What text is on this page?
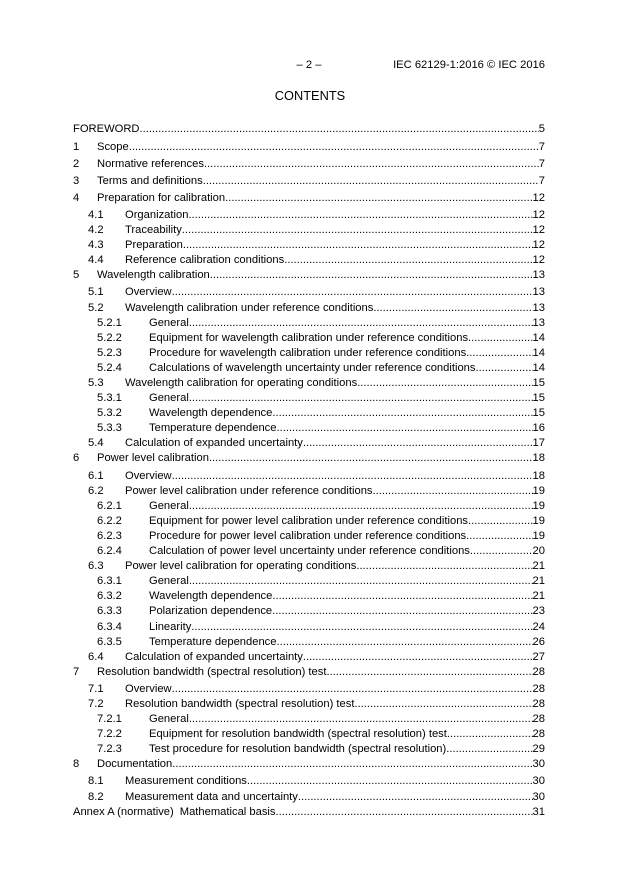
– 2 –	IEC 62129-1:2016 © IEC 2016
CONTENTS
FOREWORD .....	5
1	Scope .....	7
2	Normative references .....	7
3	Terms and definitions .....	7
4	Preparation for calibration .....	12
4.1	Organization .....	12
4.2	Traceability .....	12
4.3	Preparation .....	12
4.4	Reference calibration conditions .....	12
5	Wavelength calibration .....	13
5.1	Overview .....	13
5.2	Wavelength calibration under reference conditions .....	13
5.2.1	General .....	13
5.2.2	Equipment for wavelength calibration under reference conditions .....	14
5.2.3	Procedure for wavelength calibration under reference conditions .....	14
5.2.4	Calculations of wavelength uncertainty under reference conditions .....	14
5.3	Wavelength calibration for operating conditions .....	15
5.3.1	General .....	15
5.3.2	Wavelength dependence .....	15
5.3.3	Temperature dependence .....	16
5.4	Calculation of expanded uncertainty .....	17
6	Power level calibration .....	18
6.1	Overview .....	18
6.2	Power level calibration under reference conditions .....	19
6.2.1	General .....	19
6.2.2	Equipment for power level calibration under reference conditions .....	19
6.2.3	Procedure for power level calibration under reference conditions .....	19
6.2.4	Calculation of power level uncertainty under reference conditions .....	20
6.3	Power level calibration for operating conditions .....	21
6.3.1	General .....	21
6.3.2	Wavelength dependence .....	21
6.3.3	Polarization dependence .....	23
6.3.4	Linearity .....	24
6.3.5	Temperature dependence .....	26
6.4	Calculation of expanded uncertainty .....	27
7	Resolution bandwidth (spectral resolution) test .....	28
7.1	Overview .....	28
7.2	Resolution bandwidth (spectral resolution) test .....	28
7.2.1	General .....	28
7.2.2	Equipment for resolution bandwidth (spectral resolution) test .....	28
7.2.3	Test procedure for resolution bandwidth (spectral resolution) .....	29
8	Documentation .....	30
8.1	Measurement conditions .....	30
8.2	Measurement data and uncertainty .....	30
Annex A (normative) Mathematical basis .....	31
